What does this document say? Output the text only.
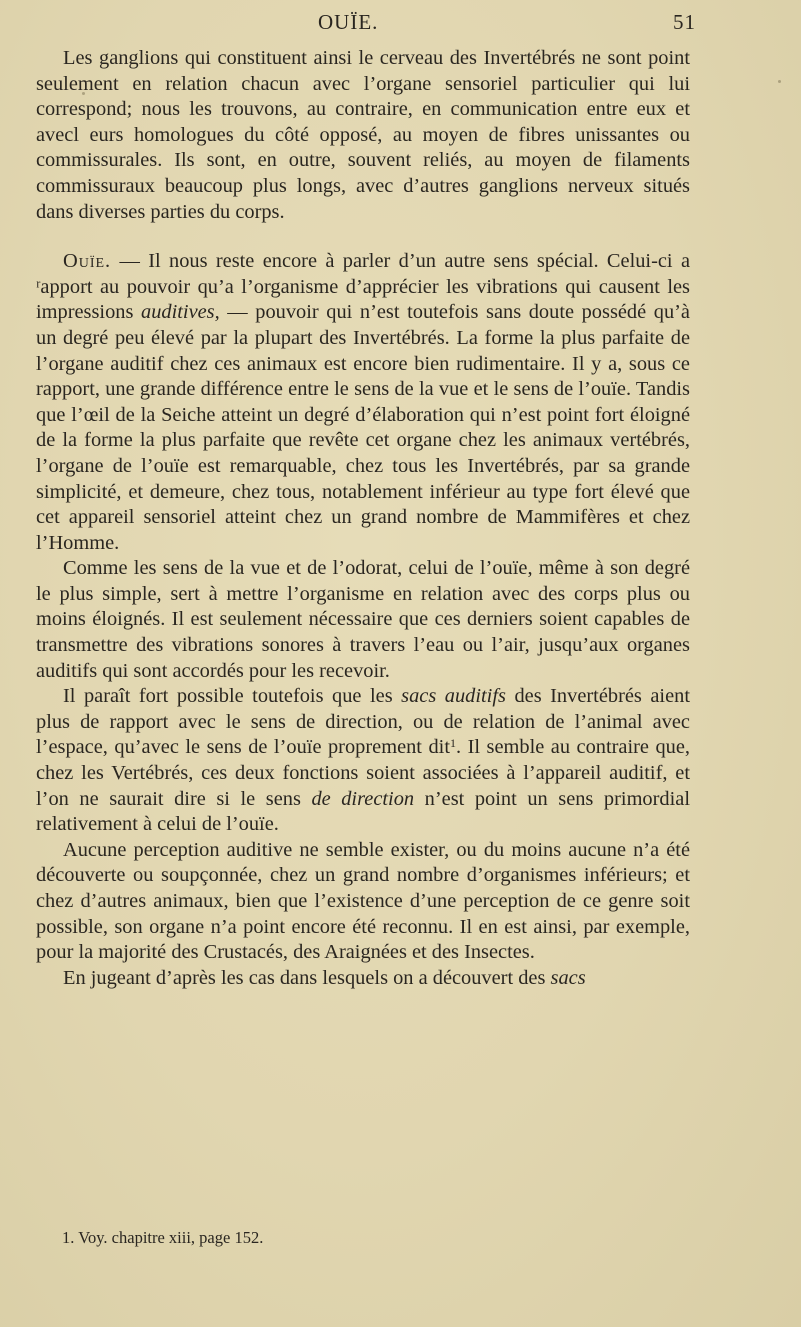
OUÏE.	51

Les ganglions qui constituent ainsi le cerveau des Invertébrés ne sont point seulement en relation chacun avec l’organe sensoriel particulier qui lui correspond; nous les trouvons, au contraire, en communication entre eux et avecl eurs homologues du côté opposé, au moyen de fibres unissantes ou commissurales. Ils sont, en outre, souvent reliés, au moyen de filaments commissuraux beaucoup plus longs, avec d’autres ganglions nerveux situés dans diverses parties du corps.

Ouïe. — Il nous reste encore à parler d’un autre sens spécial. Celui-ci a ʳapport au pouvoir qu’a l’organisme d’apprécier les vibrations qui causent les impressions auditives, — pouvoir qui n’est toutefois sans doute possédé qu’à un degré peu élevé par la plupart des Invertébrés. La forme la plus parfaite de l’organe auditif chez ces animaux est encore bien rudimentaire. Il y a, sous ce rapport, une grande différence entre le sens de la vue et le sens de l’ouïe. Tandis que l’œil de la Seiche atteint un degré d’élaboration qui n’est point fort éloigné de la forme la plus parfaite que revête cet organe chez les animaux vertébrés, l’organe de l’ouïe est remarquable, chez tous les Invertébrés, par sa grande simplicité, et demeure, chez tous, notablement inférieur au type fort élevé que cet appareil sensoriel atteint chez un grand nombre de Mammifères et chez l’Homme.

Comme les sens de la vue et de l’odorat, celui de l’ouïe, même à son degré le plus simple, sert à mettre l’organisme en relation avec des corps plus ou moins éloignés. Il est seulement nécessaire que ces derniers soient capables de transmettre des vibrations sonores à travers l’eau ou l’air, jusqu’aux organes auditifs qui sont accordés pour les recevoir.

Il paraît fort possible toutefois que les sacs auditifs des Invertébrés aient plus de rapport avec le sens de direction, ou de relation de l’animal avec l’espace, qu’avec le sens de l’ouïe proprement dit$^1$. Il semble au contraire que, chez les Vertébrés, ces deux fonctions soient associées à l’appareil auditif, et l’on ne saurait dire si le sens de direction n’est point un sens primordial relativement à celui de l’ouïe.

Aucune perception auditive ne semble exister, ou du moins aucune n’a été découverte ou soupçonnée, chez un grand nombre d’organismes inférieurs; et chez d’autres animaux, bien que l’existence d’une perception de ce genre soit possible, son organe n’a point encore été reconnu. Il en est ainsi, par exemple, pour la majorité des Crustacés, des Araignées et des Insectes.

En jugeant d’après les cas dans lesquels on a découvert des sacs

1. Voy. chapitre xiii, page 152.
